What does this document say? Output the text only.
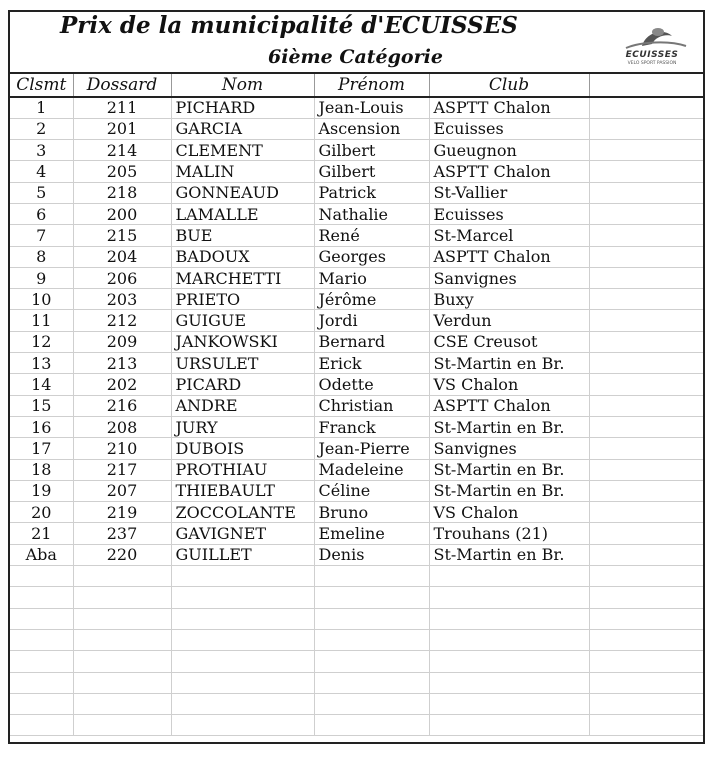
Prix de la municipalité d'ECUISSES
6ième Catégorie	ECUISSES
VELO SPORT PASSION
Clsmt	Dossard	Nom	Prénom	Club	
1	211	PICHARD	Jean-Louis	ASPTT Chalon	
2	201	GARCIA	Ascension	Ecuisses	
3	214	CLEMENT	Gilbert	Gueugnon	
4	205	MALIN	Gilbert	ASPTT Chalon	
5	218	GONNEAUD	Patrick	St-Vallier	
6	200	LAMALLE	Nathalie	Ecuisses	
7	215	BUE	René	St-Marcel	
8	204	BADOUX	Georges	ASPTT Chalon	
9	206	MARCHETTI	Mario	Sanvignes	
10	203	PRIETO	Jérôme	Buxy	
11	212	GUIGUE	Jordi	Verdun	
12	209	JANKOWSKI	Bernard	CSE Creusot	
13	213	URSULET	Erick	St-Martin en Br.	
14	202	PICARD	Odette	VS Chalon	
15	216	ANDRE	Christian	ASPTT Chalon	
16	208	JURY	Franck	St-Martin en Br.	
17	210	DUBOIS	Jean-Pierre	Sanvignes	
18	217	PROTHIAU	Madeleine	St-Martin en Br.	
19	207	THIEBAULT	Céline	St-Martin en Br.	
20	219	ZOCCOLANTE	Bruno	VS Chalon	
21	237	GAVIGNET	Emeline	Trouhans (21)	
Aba	220	GUILLET	Denis	St-Martin en Br.	
